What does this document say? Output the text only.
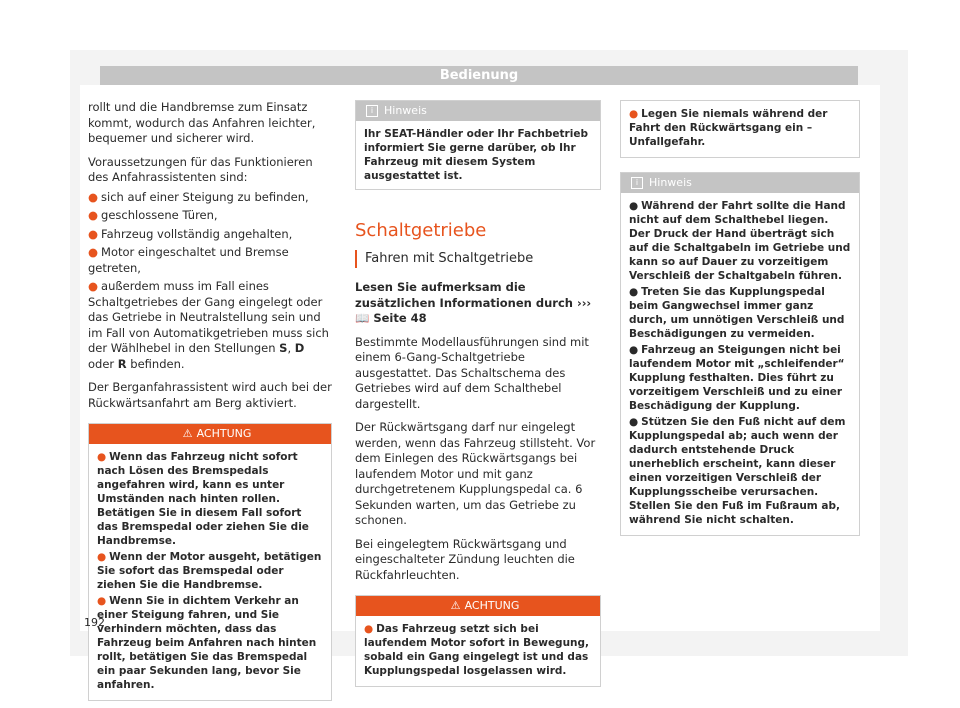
Bedienung

rollt und die Handbremse zum Einsatz kommt, wodurch das Anfahren leichter, bequemer und sicherer wird.

Voraussetzungen für das Funktionieren des Anfahrassistenten sind:

● sich auf einer Steigung zu befinden,
● geschlossene Türen,
● Fahrzeug vollständig angehalten,
● Motor eingeschaltet und Bremse getreten,
● außerdem muss im Fall eines Schaltgetriebes der Gang eingelegt oder das Getriebe in Neutralstellung sein und im Fall von Automatikgetrieben muss sich der Wählhebel in den Stellungen S, D oder R befinden.

Der Berganfahrassistent wird auch bei der Rückwärtsanfahrt am Berg aktiviert.

⚠ ACHTUNG
● Wenn das Fahrzeug nicht sofort nach Lösen des Bremspedals angefahren wird, kann es unter Umständen nach hinten rollen. Betätigen Sie in diesem Fall sofort das Bremspedal oder ziehen Sie die Handbremse.
● Wenn der Motor ausgeht, betätigen Sie sofort das Bremspedal oder ziehen Sie die Handbremse.
● Wenn Sie in dichtem Verkehr an einer Steigung fahren, und Sie verhindern möchten, dass das Fahrzeug beim Anfahren nach hinten rollt, betätigen Sie das Bremspedal ein paar Sekunden lang, bevor Sie anfahren.
i Hinweis
Ihr SEAT-Händler oder Ihr Fachbetrieb informiert Sie gerne darüber, ob Ihr Fahrzeug mit diesem System ausgestattet ist.
Schaltgetriebe
Fahren mit Schaltgetriebe

Lesen Sie aufmerksam die zusätzlichen Informationen durch ››› 📖 Seite 48

Bestimmte Modellausführungen sind mit einem 6-Gang-Schaltgetriebe ausgestattet. Das Schaltschema des Getriebes wird auf dem Schalthebel dargestellt.

Der Rückwärtsgang darf nur eingelegt werden, wenn das Fahrzeug stillsteht. Vor dem Einlegen des Rückwärtsgangs bei laufendem Motor und mit ganz durchgetretenem Kupplungspedal ca. 6 Sekunden warten, um das Getriebe zu schonen.

Bei eingelegtem Rückwärtsgang und eingeschalteter Zündung leuchten die Rückfahrleuchten.

⚠ ACHTUNG
● Das Fahrzeug setzt sich bei laufendem Motor sofort in Bewegung, sobald ein Gang eingelegt ist und das Kupplungspedal losgelassen wird.
● Legen Sie niemals während der Fahrt den Rückwärtsgang ein – Unfallgefahr.
i Hinweis
● Während der Fahrt sollte die Hand nicht auf dem Schalthebel liegen. Der Druck der Hand überträgt sich auf die Schaltgabeln im Getriebe und kann so auf Dauer zu vorzeitigem Verschleiß der Schaltgabeln führen.
● Treten Sie das Kupplungspedal beim Gangwechsel immer ganz durch, um unnötigen Verschleiß und Beschädigungen zu vermeiden.
● Fahrzeug an Steigungen nicht bei laufendem Motor mit „schleifender“ Kupplung festhalten. Dies führt zu vorzeitigem Verschleiß und zu einer Beschädigung der Kupplung.
● Stützen Sie den Fuß nicht auf dem Kupplungspedal ab; auch wenn der dadurch entstehende Druck unerheblich erscheint, kann dieser einen vorzeitigen Verschleiß der Kupplungsscheibe verursachen. Stellen Sie den Fuß im Fußraum ab, während Sie nicht schalten.
192
